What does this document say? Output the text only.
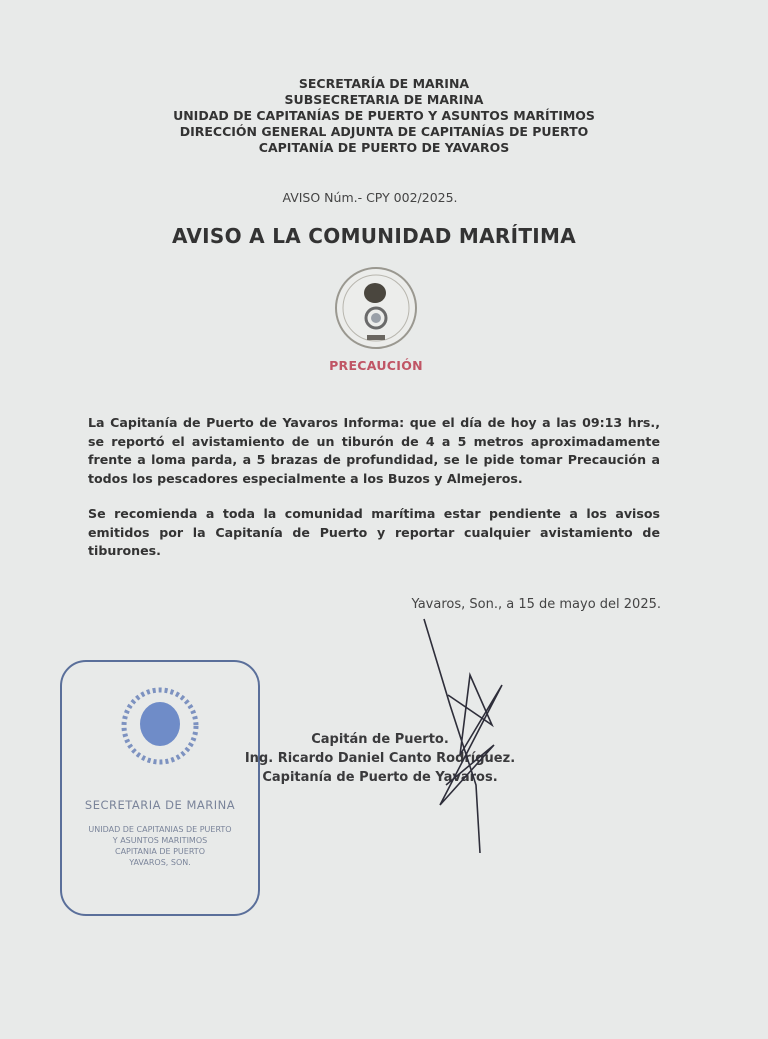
SECRETARÍA DE MARINA
SUBSECRETARIA DE MARINA
UNIDAD DE CAPITANÍAS DE PUERTO Y ASUNTOS MARÍTIMOS
DIRECCIÓN GENERAL ADJUNTA DE CAPITANÍAS DE PUERTO
CAPITANÍA DE PUERTO DE YAVAROS
AVISO Núm.- CPY 002/2025.
AVISO A LA COMUNIDAD MARÍTIMA
PRECAUCIÓN
La Capitanía de Puerto de Yavaros Informa: que el día de hoy a las 09:13 hrs., se reportó el avistamiento de un tiburón de 4 a 5 metros aproximadamente frente a loma parda, a 5 brazas de profundidad, se le pide tomar Precaución a todos los pescadores especialmente a los Buzos y Almejeros.
Se recomienda a toda la comunidad marítima estar pendiente a los avisos emitidos por la Capitanía de Puerto y reportar cualquier avistamiento de tiburones.
Yavaros, Son., a 15 de mayo del 2025.
SECRETARIA DE MARINA
UNIDAD DE CAPITANIAS DE PUERTO
Y ASUNTOS MARITIMOS
CAPITANIA DE PUERTO
YAVAROS, SON.
Capitán de Puerto.
Ing. Ricardo Daniel Canto Rodríguez.
Capitanía de Puerto de Yavaros.
